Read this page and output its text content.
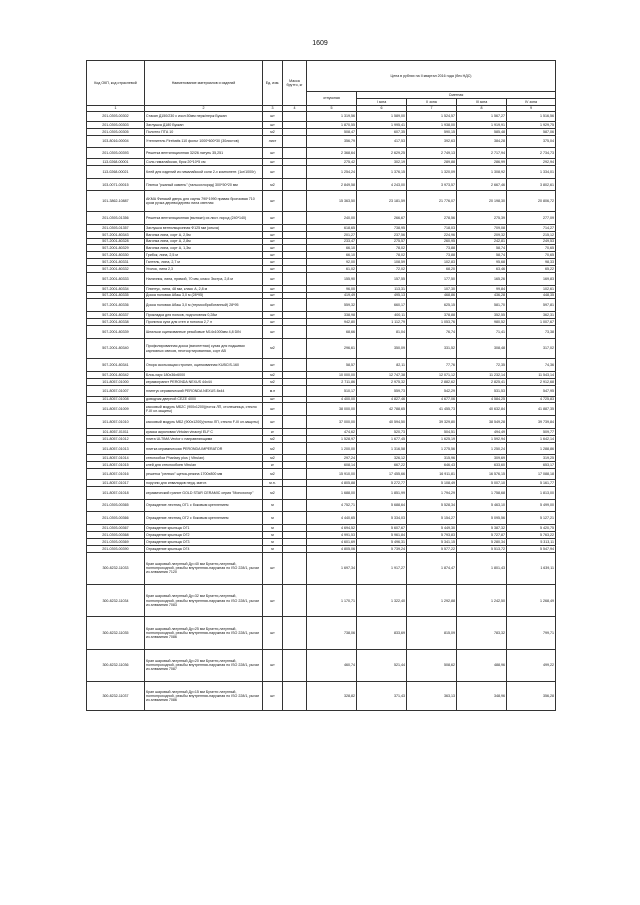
1609
Код ОКП, код отраслевой	Наименование материалов и изделий	Ед. изм.	Масса брутто, кг	Цена в рублях на II квартал 2016 года (без НДС)				
				отпускная	Сметная			
					I зона	II зона	III зона	IV зона
1	2	3	4	5	6	7	8	9
201-0393-00302	Стакан Д150/230 с изол.50мм нерж/нерж Буккан	шт		1 319,56	1 589,00	1 524,57	1 567,27	1 516,56
201-0393-00303	Заглушка Д180 Буккан	шт		1 870,55	1 995,41	1 938,00	1 919,91	1 929,75
201-0393-00305	Полотно ПТА 10	м2		508,47	607,35	590,15	585,48	587,06
103-8016-00004	Утеплитель Firebatts 110 фольг 1000*600*30 (30листов)	лист		356,79	417,53	392,63	384,28	375,04
201-0393-00393	Решетка вентиляционная 32/26 латунь 35,251	шт		2 368,64	2 629,25	2 749,13	2 717,94	2 734,73
113-0268-00001	Соль гималайская, брок 20*10*5 см	шт		275,42	302,19	289,88	286,99	292,94
113-0268-00021	Клей для изделий из гималайской соли 2-х компонент. (1кг/1000г)	шт		1 254,24	1 376,15	1 320,09	1 308,92	1 334,01
103-0071-00015	Плитка "ржаный камень" (талькохлорид) 300*50*20 мм	м2		2 849,58	4 243,00	3 973,57	2 667,46	3 802,61
101-3862-10887	AKMA Финский дверь для сауны 790*1990 правая бронзовая 710 кром ручка дерево/дерево пила светлая	шт		15 363,50	23 181,59	21 776,07	20 198,30	20 806,72
201-0393-01356	Решетка вентиляционная (вытяжн) из лист. пород (240*140)	шт		240,00	266,67	278,56	275,39	277,09
201-0393-01357	Заглушка вентиляционная Ф125 мм (ольха)	шт		618,65	738,95	718,03	709,08	714,27
507-2001-80343	Вагонка липа, сорт А, 2,5м	шт		201,27	237,56	224,96	209,32	215,12
507-2001-80328	Вагонка липа, сорт А, 2,8м	шт		233,47	275,57	260,95	242,81	249,53
507-2001-80329	Вагонка липа, сорт А, 1,3м	шт		66,10	78,02	73,88	58,74	70,65
507-2001-80330	Грибок, липа, 2,5 м	шт		66,10	78,02	73,88	58,74	70,65
507-2001-80331	Галтель, липа, 2,7 м	шт		92,00	108,59	102,83	95,68	98,33
507-2001-80332	Уголок, липа 2,3	шт		61,02	72,02	68,20	63,46	65,22
507-2001-80333	Наличник, липа, прямой, 70 мм, класс Экстра, 2,8 м	шт		155,90	157,55	177,50	165,26	169,83
507-2001-80334	Плинтус, липа, 48 мм, класс А, 2,8 м	шт		96,00	113,31	107,30	99,84	102,61
507-2001-80335	Доска половая Абаш 3,0 м (28*95)	шт		419,49	495,13	468,86	436,28	448,35
507-2001-80336	Доска половая Абаш 3,0 м (термообработанный) 28*95	шт		559,32	660,17	625,15	581,70	597,81
507-2001-80337	Прокладка для полков, подголовник 0,28м	шт		338,98	400,11	378,88	352,55	362,31
507-2001-80338	Пропитка сухи для стен и потолка 2,7 л	шт		942,80	1 112,79	1 053,76	980,52	1 007,67
507-2001-80339	Шпильки оцинкованные резьбовые М14х1000мм 4,8 DIN	шт		68,66	81,04	76,74	71,41	73,38
507-2001-80340	Профилированная доска (вагонетная) сухая для подшивки карнизных свесов, неотсортированная, сорт АВ	м2		296,61	350,09	331,52	308,48	317,02
507-2001-80341	Опора скользящая стропил, оцинкованная KUBCIS-160	шт		58,57	82,11	77,76	72,35	74,36
507-2001-80342	Блок-хаус 180х36х6000	м2		10 000,00	12 747,38	12 071,12	11 232,14	11 543,14
101-8057-01000	керамогранит PERONDA NEXUS 44x44	м2		2 711,86	2 975,32	2 882,62	2 825,41	2 912,68
101-8057-01007	плинтус керамический PERONDA NEXUS 8x44	м.п		510,17	559,73	542,29	531,53	547,95
101-8057-01008	доводчик дверной CEZE 4000	шт		4 400,00	4 827,46	4 677,06	4 584,25	4 725,83
101-8057-01009	кассовый модуль МБ2С (900х1200)(поток ЛП, столешница, стекло F-III кл.защиты)	шт		38 000,00	42 788,65	41 455,73	40 632,84	41 887,35
101-8057-01010	кассовый модуль МБ2 (900х1200)(поток ЛП, стекло F-III кл.защиты)	шт		37 000,00	40 594,50	39 329,80	38 549,28	39 739,84
101-8057-01011	краска акриловая Virtulan vinacryl ELF C	кг		474,62	520,73	504,51	494,49	509,77
101-8057-01012	плита ULTIMA Vector с направляющими	м2		1 528,97	1 677,45	1 625,19	1 592,94	1 642,14
101-8057-01013	плитка керамическая PERONDA IMPERATOR	м2		1 200,00	1 316,58	1 275,56	1 250,24	1 288,86
101-8057-01014	стеклообои Pharlaxy plus ( Vitrulan)	м2		297,24	326,12	315,96	309,69	319,25
101-8057-01015	клей для стеклообоев Vitrulan	кг		608,14	667,22	646,43	633,60	653,17
101-8057-01016	решетка "релюкс" щетка-резина 1700х800 мм	м2		15 910,00	17 455,66	16 911,81	16 576,15	17 088,18
101-8057-01017	поручни для инвалидов нерд. матот.	м.п.		4 805,88	5 272,77	5 108,49	5 007,10	5 161,77
101-8057-01018	керамический гранит GOLD STAR CERAMIC серия "Монохолор"	м2		1 688,00	1 851,99	1 794,29	1 758,68	1 813,00
201-0393-00365	Ограждение лестниц ОГ1 с боковым креплением	м		4 752,71	5 688,64	5 528,34	5 463,10	5 499,00
201-0393-00366	Ограждение лестниц ОГ2 с боковым креплением	м		4 440,65	5 334,03	5 154,27	5 095,56	5 127,21
201-0393-00367	Ограждение крыльца ОГ1	м		4 694,52	5 607,67	5 449,30	5 387,32	5 420,75
201-0393-00368	Ограждение крыльца ОГ2	м		4 991,53	5 961,84	5 793,83	5 727,87	5 763,22
201-0393-00369	Ограждение крыльца ОГ3	м		4 601,69	5 496,31	5 341,15	5 280,34	5 313,11
201-0393-00390	Ограждение крыльца ОГ4	м		4 805,06	5 739,24	5 577,22	5 513,72	5 547,94
300-8232-11033	Кран шаровый латунный Ду=40 мм Бугатти,латунный, полнопроходной, резьбы внутренняя-наружная по ISO 228/1, рычаг из алюминия 7120	шт		1 697,34	1 917,27	1 874,47	1 801,43	1 639,11
300-8232-11034	Кран шаровый латунный Ду=32 мм Бугатти,латунный, полнопроходной, резьбы внутренняя-наружная по ISO 228/1, рычаг из алюминия 7083	шт		1 170,71	1 322,40	1 292,88	1 242,50	1 268,49
300-8232-11035	Кран шаровый латунный Ду=25 мм Бугатти,латунный, полнопроходной, резьбы внутренняя-наружная по ISO 228/1, рычаг из алюминия 7086	шт		738,06	833,69	815,09	783,32	799,71
300-8232-11036	Кран шаровый латунный Ду=20 мм Бугатти,латунный, полнопроходной, резьбы внутренняя-наружная по ISO 228/1, рычаг из алюминия 7087	шт		460,74	521,44	508,62	488,96	499,22
300-8232-11037	Кран шаровый латунный Ду=15 мм Бугатти латунный, полнопроходной, резьбы внутренняя-наружная по ISO 228/1, рычаг из алюминия 7086	шт		328,82	371,43	363,13	348,96	356,28
